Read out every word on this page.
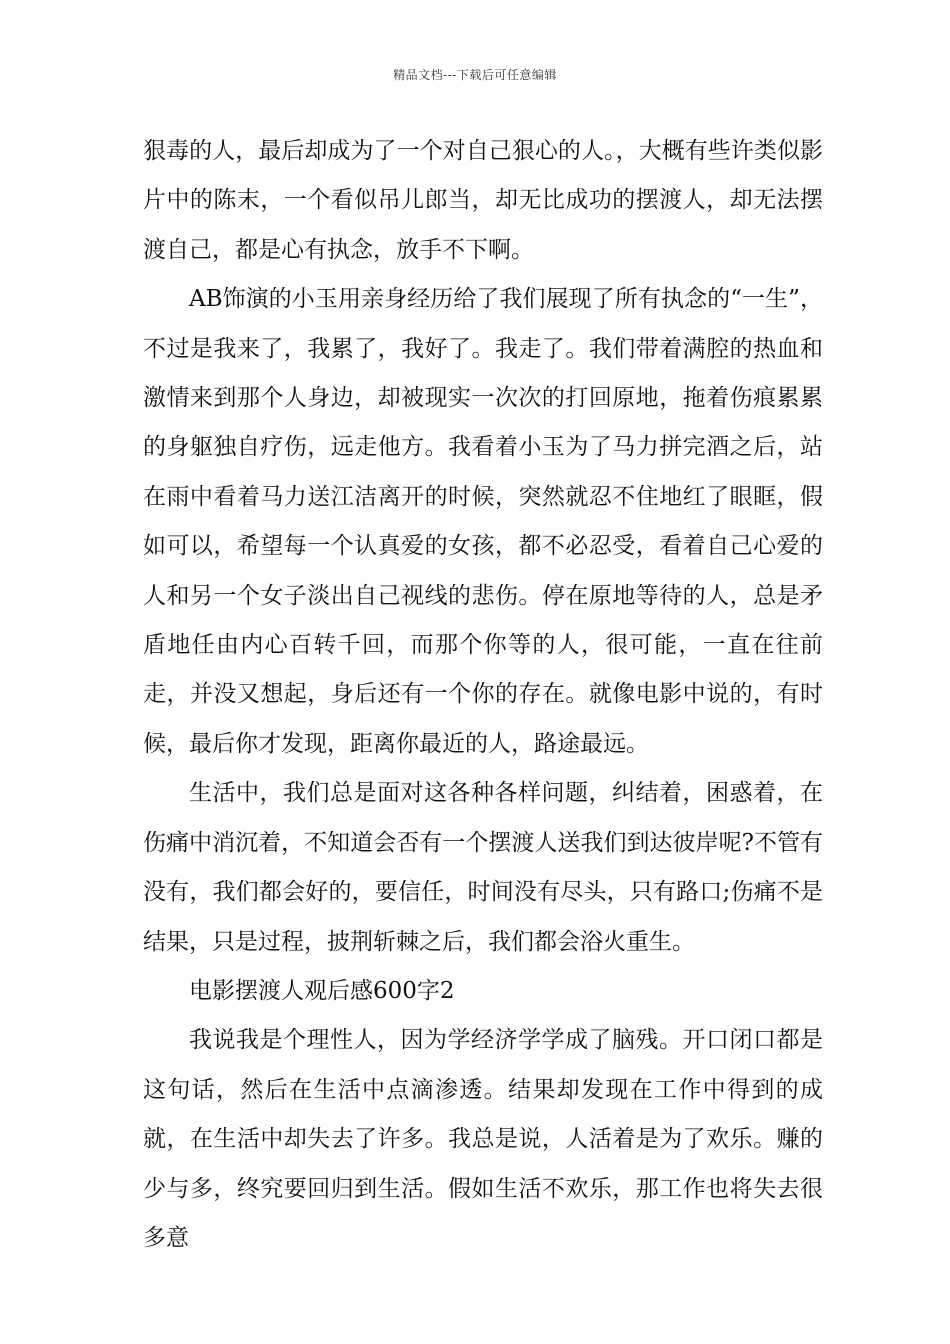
精品文档---下载后可任意编辑

狠毒的人，最后却成为了一个对自己狠心的人。，大概有些许类似影片中的陈末，一个看似吊儿郎当，却无比成功的摆渡人，却无法摆渡自己，都是心有执念，放手不下啊。

AB饰演的小玉用亲身经历给了我们展现了所有执念的“一生”，不过是我来了，我累了，我好了。我走了。我们带着满腔的热血和激情来到那个人身边，却被现实一次次的打回原地，拖着伤痕累累的身躯独自疗伤，远走他方。我看着小玉为了马力拼完酒之后，站在雨中看着马力送江洁离开的时候，突然就忍不住地红了眼眶，假如可以，希望每一个认真爱的女孩，都不必忍受，看着自己心爱的人和另一个女子淡出自己视线的悲伤。停在原地等待的人，总是矛盾地任由内心百转千回，而那个你等的人，很可能，一直在往前走，并没又想起，身后还有一个你的存在。就像电影中说的，有时候，最后你才发现，距离你最近的人，路途最远。

生活中，我们总是面对这各种各样问题，纠结着，困惑着，在伤痛中消沉着，不知道会否有一个摆渡人送我们到达彼岸呢?不管有没有，我们都会好的，要信任，时间没有尽头，只有路口;伤痛不是结果，只是过程，披荆斩棘之后，我们都会浴火重生。

电影摆渡人观后感600字2

我说我是个理性人，因为学经济学学成了脑残。开口闭口都是这句话，然后在生活中点滴渗透。结果却发现在工作中得到的成就，在生活中却失去了许多。我总是说，人活着是为了欢乐。赚的少与多，终究要回归到生活。假如生活不欢乐，那工作也将失去很多意
